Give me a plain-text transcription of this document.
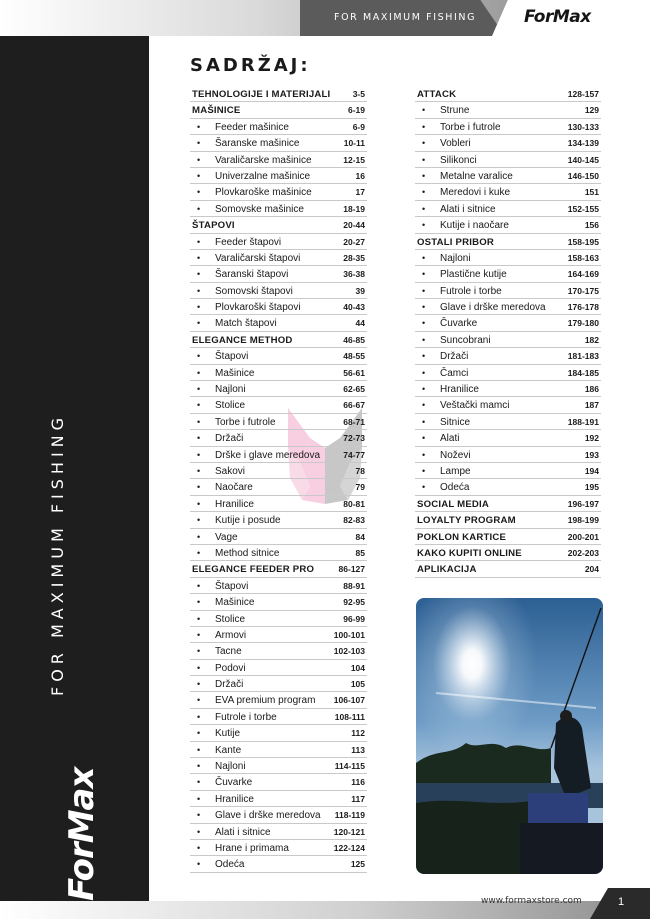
FOR MAXIMUM FISHING	ForMax
FOR MAXIMUM FISHING
ForMax
SADRŽAJ:
TEHNOLOGIJE I MATERIJALI	3-5
MAŠINICE	6-19
• Feeder mašinice	6-9
• Šaranske mašinice	10-11
• Varaličarske mašinice	12-15
• Univerzalne mašinice	16
• Plovkaroške mašinice	17
• Somovske mašinice	18-19
ŠTAPOVI	20-44
• Feeder štapovi	20-27
• Varaličarski štapovi	28-35
• Šaranski štapovi	36-38
• Somovski štapovi	39
• Plovkaroški štapovi	40-43
• Match štapovi	44
ELEGANCE METHOD	46-85
• Štapovi	48-55
• Mašinice	56-61
• Najloni	62-65
• Stolice	66-67
• Torbe i futrole	68-71
• Držači	72-73
• Drške i glave meredova	74-77
• Sakovi	78
• Naočare	79
• Hranilice	80-81
• Kutije i posude	82-83
• Vage	84
• Method sitnice	85
ELEGANCE FEEDER PRO	86-127
• Štapovi	88-91
• Mašinice	92-95
• Stolice	96-99
• Armovi	100-101
• Tacne	102-103
• Podovi	104
• Držači	105
• EVA premium program 106-107
• Futrole i torbe	108-111
• Kutije	112
• Kante	113
• Najloni	114-115
• Čuvarke	116
• Hranilice	117
• Glave i drške meredova 118-119
• Alati i sitnice	120-121
• Hrane i primama	122-124
• Odeća	125
ATTACK	128-157
• Strune	129
• Torbe i futrole	130-133
• Vobleri	134-139
• Silikonci	140-145
• Metalne varalice	146-150
• Meredovi i kuke	151
• Alati i sitnice	152-155
• Kutije i naočare	156
OSTALI PRIBOR	158-195
• Najloni	158-163
• Plastične kutije	164-169
• Futrole i torbe	170-175
• Glave i drške meredova	176-178
• Čuvarke	179-180
• Suncobrani	182
• Držači	181-183
• Čamci	184-185
• Hranilice	186
• Veštački mamci	187
• Sitnice	188-191
• Alati	192
• Noževi	193
• Lampe	194
• Odeća	195
SOCIAL MEDIA	196-197
LOYALTY PROGRAM	198-199
POKLON KARTICE	200-201
KAKO KUPITI ONLINE	202-203
APLIKACIJA	204
www.formaxstore.com	1
